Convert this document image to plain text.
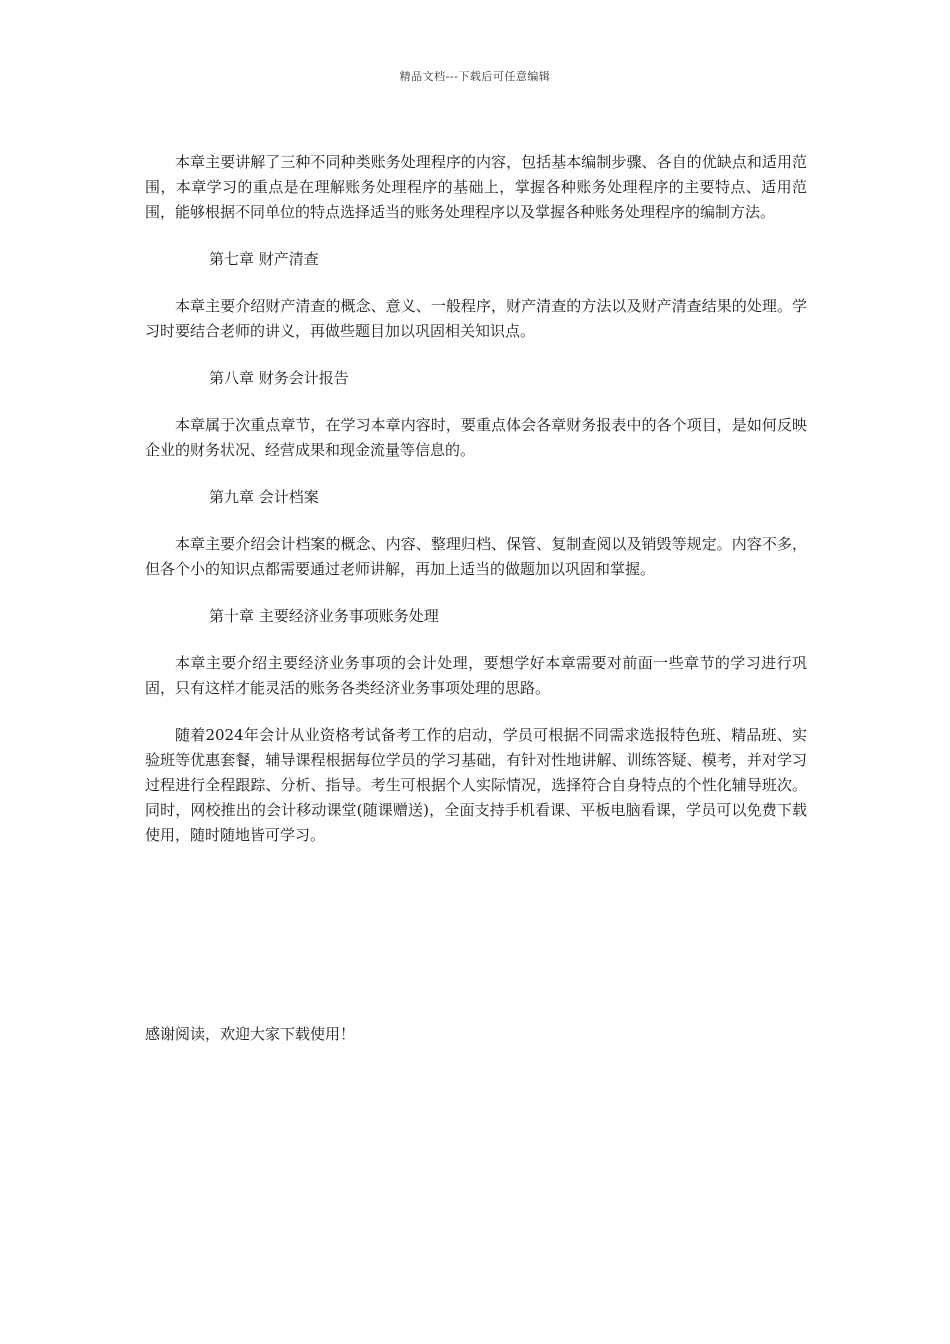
精品文档---下载后可任意编辑

本章主要讲解了三种不同种类账务处理程序的内容，包括基本编制步骤、各自的优缺点和适用范围，本章学习的重点是在理解账务处理程序的基础上，掌握各种账务处理程序的主要特点、适用范围，能够根据不同单位的特点选择适当的账务处理程序以及掌握各种账务处理程序的编制方法。

第七章 财产清查

本章主要介绍财产清查的概念、意义、一般程序，财产清查的方法以及财产清查结果的处理。学习时要结合老师的讲义，再做些题目加以巩固相关知识点。

第八章 财务会计报告

本章属于次重点章节，在学习本章内容时，要重点体会各章财务报表中的各个项目，是如何反映企业的财务状况、经营成果和现金流量等信息的。

第九章 会计档案

本章主要介绍会计档案的概念、内容、整理归档、保管、复制查阅以及销毁等规定。内容不多，但各个小的知识点都需要通过老师讲解，再加上适当的做题加以巩固和掌握。

第十章 主要经济业务事项账务处理

本章主要介绍主要经济业务事项的会计处理，要想学好本章需要对前面一些章节的学习进行巩固，只有这样才能灵活的账务各类经济业务事项处理的思路。

随着2024年会计从业资格考试备考工作的启动，学员可根据不同需求选报特色班、精品班、实验班等优惠套餐，辅导课程根据每位学员的学习基础，有针对性地讲解、训练答疑、模考，并对学习过程进行全程跟踪、分析、指导。考生可根据个人实际情况，选择符合自身特点的个性化辅导班次。同时，网校推出的会计移动课堂(随课赠送)，全面支持手机看课、平板电脑看课，学员可以免费下载使用，随时随地皆可学习。

感谢阅读，欢迎大家下载使用！
